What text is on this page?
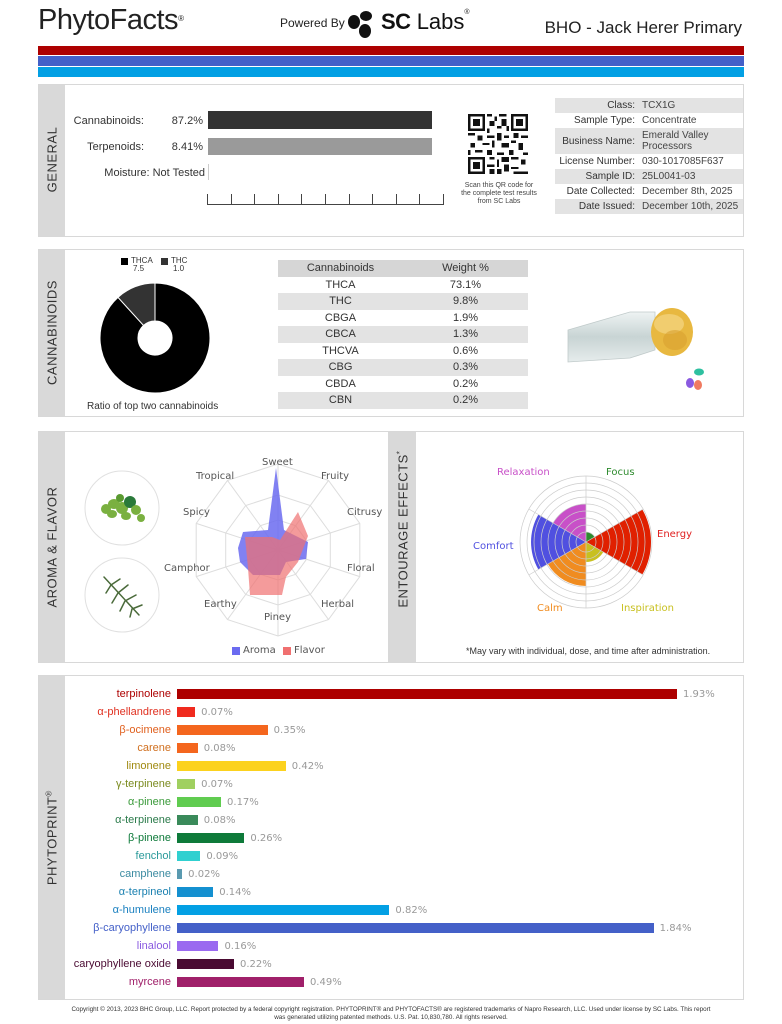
PhytoFacts®	Powered By SC Labs®
BHO - Jack Herer Primary
GENERAL
Cannabinoids:	87.2%
Terpenoids:	8.41%
Moisture: Not Tested
Scan this QR code for the complete test results from SC Labs
Class: TCX1G
Sample Type: Concentrate
Business Name: Emerald Valley Processors
License Number: 030-1017085F637
Sample ID: 25L0041-03
Date Collected: December 8th, 2025
Date Issued: December 10th, 2025
CANNABINOIDS
THCA
7.5
THC
1.0
Ratio of top two cannabinoids
Cannabinoids	Weight %
THCA	73.1%
THC	9.8%
CBGA	1.9%
CBCA	1.3%
THCVA	0.6%
CBG	0.3%
CBDA	0.2%
CBN	0.2%
AROMA & FLAVOR
Sweet
Fruity
Citrusy
Floral
Herbal
Piney
Earthy
Camphor
Spicy
Tropical
Aroma Flavor
ENTOURAGE EFFECTS*
Relaxation	Focus
Energy
Comfort
Calm	Inspiration
*May vary with individual, dose, and time after administration.
PHYTOPRINT®
terpinolene	1.93%
α-phellandrene	0.07%
β-ocimene	0.35%
carene	0.08%
limonene	0.42%
γ-terpinene	0.07%
α-pinene	0.17%
α-terpinene	0.08%
β-pinene	0.26%
fenchol	0.09%
camphene	0.02%
α-terpineol	0.14%
α-humulene	0.82%
β-caryophyllene	1.84%
linalool	0.16%
caryophyllene oxide	0.22%
myrcene	0.49%
Copyright © 2013, 2023 BHC Group, LLC. Report protected by a federal copyright registration. PHYTOPRINT® and PHYTOFACTS® are registered trademarks of Napro Research, LLC. Used under license by SC Labs. This report
was generated utilizing patented methods. U.S. Pat. 10,830,780. All rights reserved.
